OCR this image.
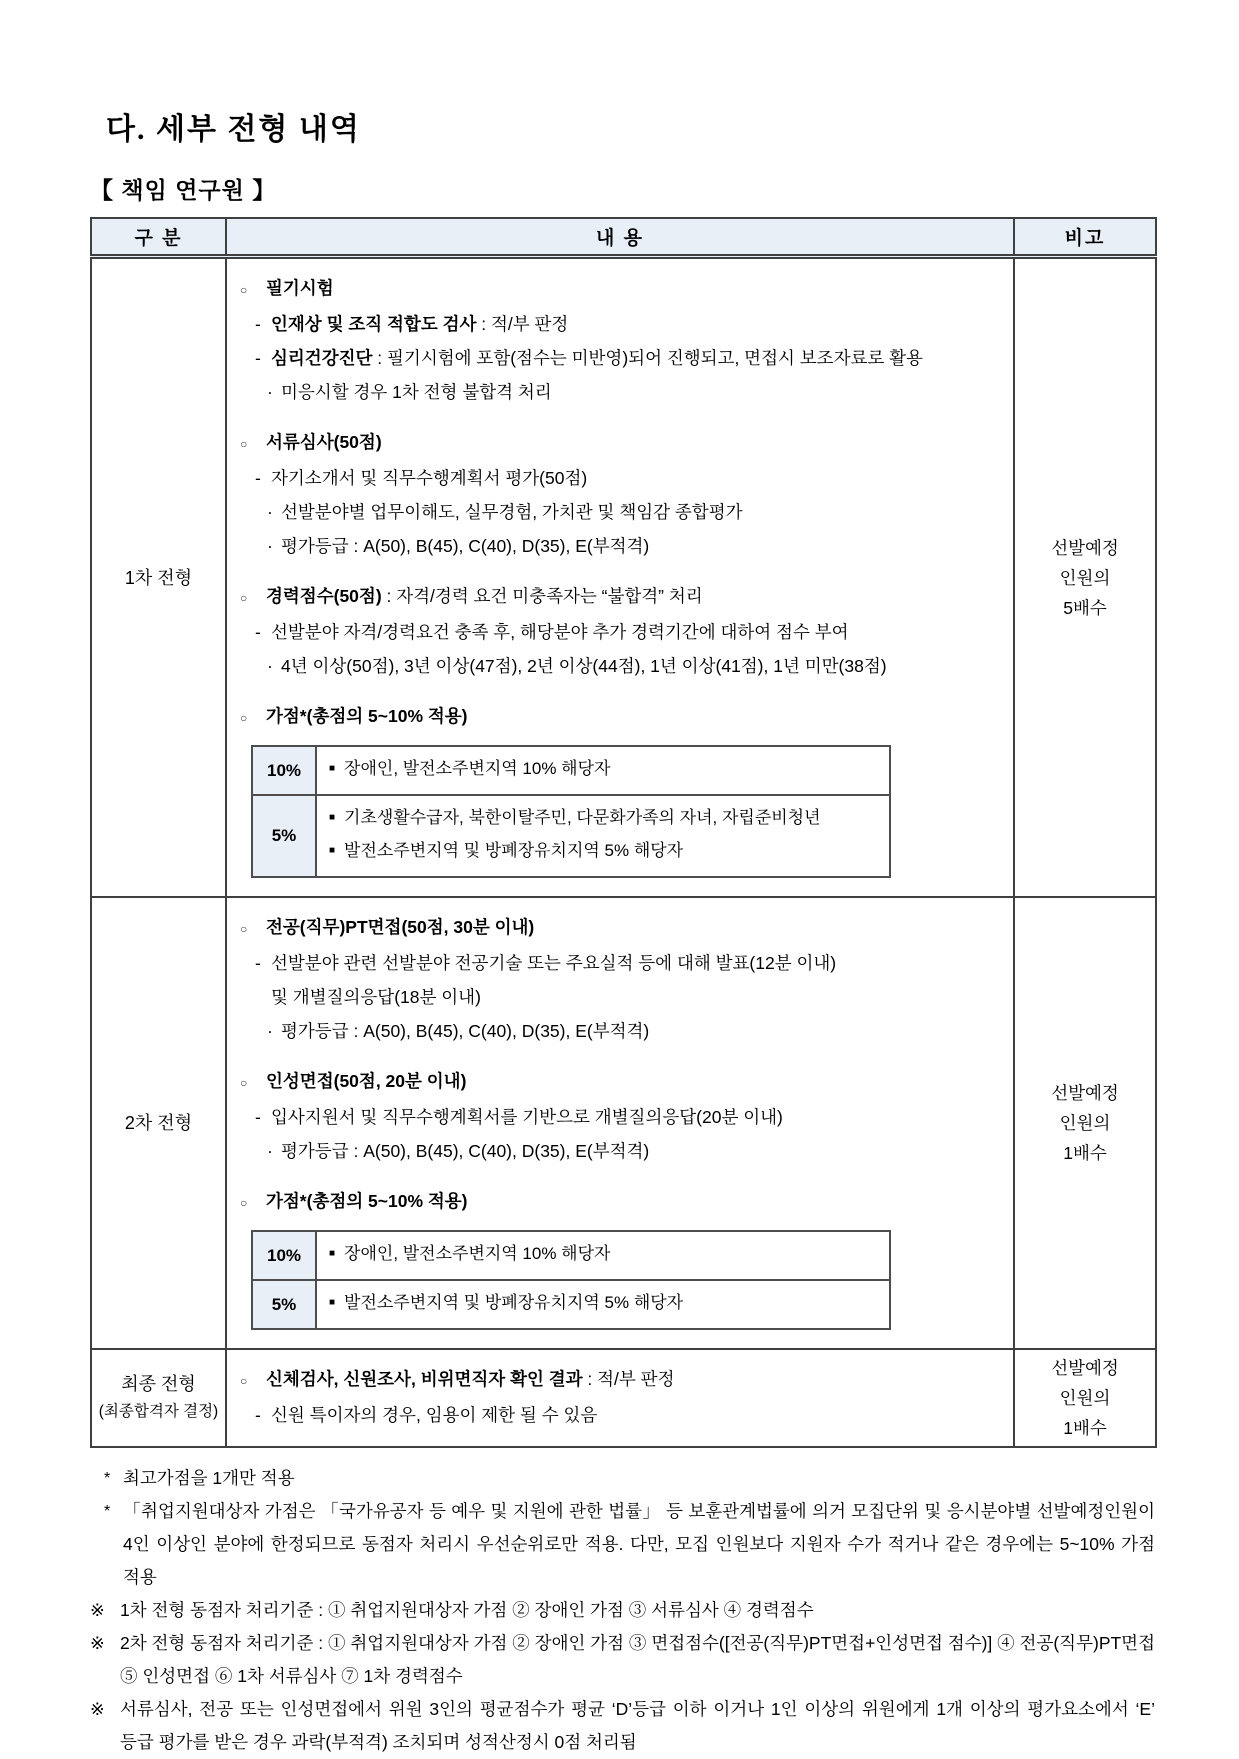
다. 세부 전형 내역
【 책임 연구원 】
구 분	내 용	비고

1차 전형

○	필기시험
- 인재상 및 조직 적합도 검사 : 적/부 판정
- 심리건강진단 : 필기시험에 포함(점수는 미반영)되어 진행되고, 면접시 보조자료로 활용
· 미응시할 경우 1차 전형 불합격 처리
○	서류심사(50점)
- 자기소개서 및 직무수행계획서 평가(50점)
· 선발분야별 업무이해도, 실무경험, 가치관 및 책임감 종합평가
· 평가등급 : A(50), B(45), C(40), D(35), E(부적격)
○	경력점수(50점) : 자격/경력 요건 미충족자는 “불합격” 처리
- 선발분야 자격/경력요건 충족 후, 해당분야 추가 경력기간에 대하여 점수 부여
· 4년 이상(50점), 3년 이상(47점), 2년 이상(44점), 1년 이상(41점), 1년 미만(38점)
○	가점*(총점의 5~10% 적용)
10%	■ 장애인, 발전소주변지역 10% 해당자

5%	
■ 기초생활수급자, 북한이탈주민, 다문화가족의 자녀, 자립준비청년
■ 발전소주변지역 및 방폐장유치지역 5% 해당자

선발예정
인원의
5배수

2차 전형

○	전공(직무)PT면접(50점, 30분 이내)
- 선발분야 관련 선발분야 전공기술 또는 주요실적 등에 대해 발표(12분 이내)
및 개별질의응답(18분 이내)
· 평가등급 : A(50), B(45), C(40), D(35), E(부적격)
○	인성면접(50점, 20분 이내)
- 입사지원서 및 직무수행계획서를 기반으로 개별질의응답(20분 이내)
· 평가등급 : A(50), B(45), C(40), D(35), E(부적격)
○	가점*(총점의 5~10% 적용)
10%	■ 장애인, 발전소주변지역 10% 해당자

5%	■ 발전소주변지역 및 방폐장유치지역 5% 해당자

선발예정
인원의
1배수

최종 전형
(최종합격자 결정)

○	신체검사, 신원조사, 비위면직자 확인 결과 : 적/부 판정
- 신원 특이자의 경우, 임용이 제한 될 수 있음

선발예정
인원의
1배수
* 최고가점을 1개만 적용
* 「취업지원대상자 가점은 「국가유공자 등 예우 및 지원에 관한 법률」 등 보훈관계법률에 의거 모집단위 및 응시분야별 선발예정인원이 4인 이상인 분야에 한정되므로 동점자 처리시 우선순위로만 적용. 다만, 모집 인원보다 지원자 수가 적거나 같은 경우에는 5~10% 가점 적용
※ 1차 전형 동점자 처리기준 : ① 취업지원대상자 가점 ② 장애인 가점 ③ 서류심사 ④ 경력점수
※ 2차 전형 동점자 처리기준 : ① 취업지원대상자 가점 ② 장애인 가점 ③ 면접점수([전공(직무)PT면접+인성면접 점수)] ④ 전공(직무)PT면접 ⑤ 인성면접 ⑥ 1차 서류심사 ⑦ 1차 경력점수
※ 서류심사, 전공 또는 인성면접에서 위원 3인의 평균점수가 평균 ‘D’등급 이하 이거나 1인 이상의 위원에게 1개 이상의 평가요소에서 ‘E’ 등급 평가를 받은 경우 과락(부적격) 조치되며 성적산정시 0점 처리됨
